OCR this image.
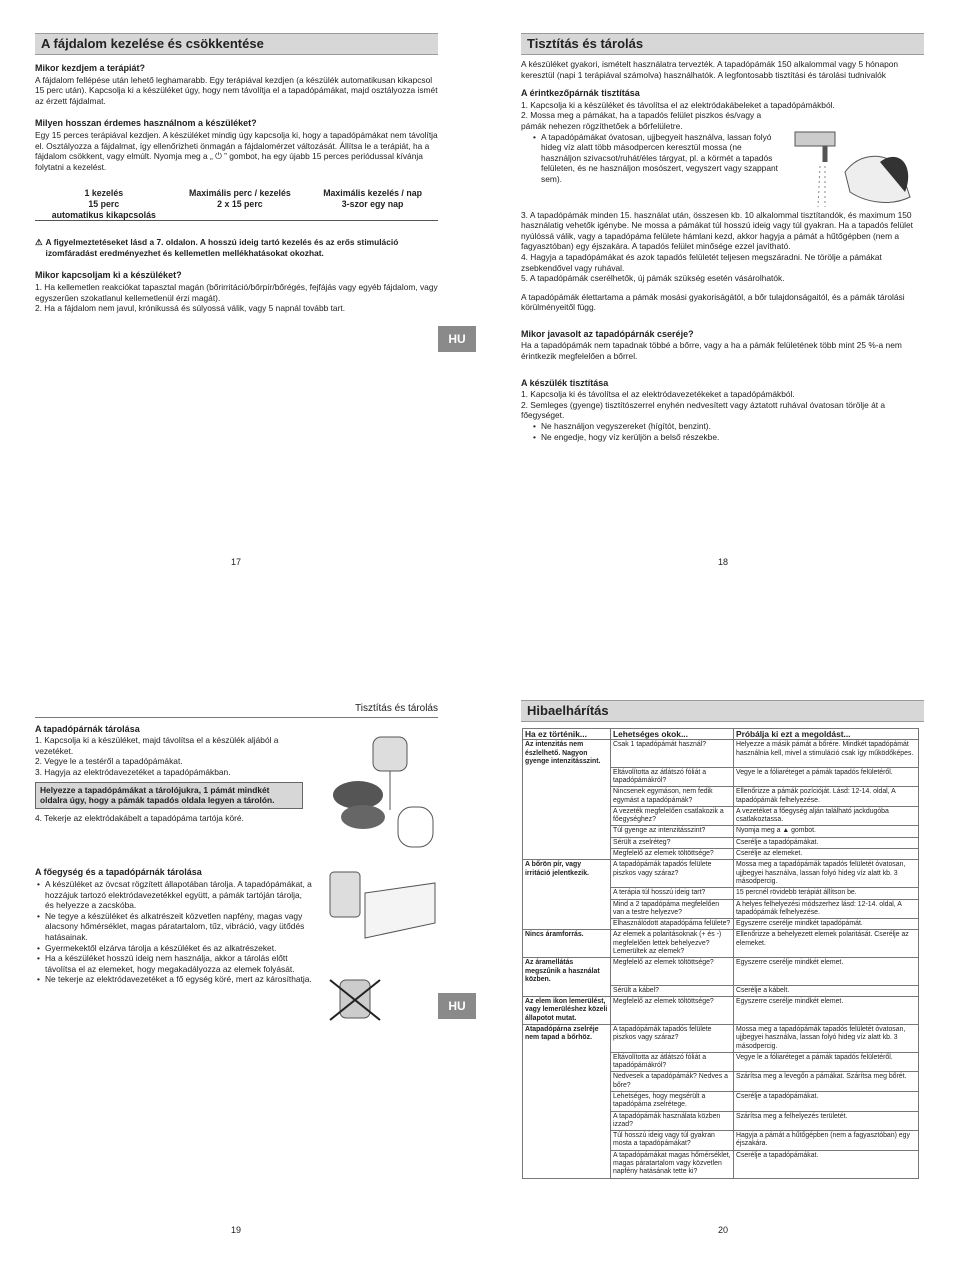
A fájdalom kezelése és csökkentése
Mikor kezdjem a terápiát?

A fájdalom fellépése után lehető leghamarabb. Egy terápiával kezdjen (a készülék automatikusan kikapcsol 15 perc után). Kapcsolja ki a készüléket úgy, hogy nem távolítja el a tapadópámákat, majd osztályozza ismét az érzett fájdalmat.

Milyen hosszan érdemes használnom a készüléket?

Egy 15 perces terápiával kezdjen. A készüléket mindig úgy kapcsolja ki, hogy a tapadópámákat nem távolítja el. Osztályozza a fájdalmat, így ellenőrizheti önmagán a fájdalomérzet változását. Állítsa le a terápiát, ha a fájdalom csökkent, vagy elmúlt. Nyomja meg a „ ⏻ ” gombot, ha egy újabb 15 perces periódussal kívánja folytatni a kezelést.

1 kezelés	Maximális perc / kezelés	Maximális kezelés / nap
15 perc	2 x 15 perc	3-szor egy nap
automatikus kikapcsolás		
⚠ A figyelmeztetéseket lásd a 7. oldalon. A hosszú ideig tartó kezelés és az erős stimuláció izomfáradást eredményezhet és kellemetlen mellékhatásokat okozhat.
Mikor kapcsoljam ki a készüléket?

1. Ha kellemetlen reakciókat tapasztal magán (bőrirritáció/bőrpír/bőrégés, fejfájás vagy egyéb fájdalom, vagy egyszerűen szokatlanul kellemetlenül érzi magát).

2. Ha a fájdalom nem javul, krónikussá és súlyossá válik, vagy 5 napnál tovább tart.

17
HU
Tisztítás és tárolás

A készüléket gyakori, ismételt használatra tervezték. A tapadópámák 150 alkalommal vagy 5 hónapon keresztül (napi 1 terápiával számolva) használhatók. A legfontosabb tisztítási és tárolási tudnivalók

A érintkezőpárnák tisztítása

1. Kapcsolja ki a készüléket és távolítsa el az elektródakábeleket a tapadópámákból.

2. Mossa meg a pámákat, ha a tapadós felület piszkos és/vagy a pámák nehezen rögzíthetőek a bőrfelületre.

• A tapadópámákat óvatosan, ujjbegyeit használva, lassan folyó hideg víz alatt több másodpercen keresztül mossa (ne használjon szivacsot/ruhát/éles tárgyat, pl. a körmét a tapadós felületen, és ne használjon mosószert, vegyszert vagy szappant sem).

3. A tapadópámák minden 15. használat után, összesen kb. 10 alkalommal tisztítandók, és maximum 150 használatig vehetők igénybe. Ne mossa a pámákat túl hosszú ideig vagy túl gyakran. Ha a tapadós felület nyúlóssá válik, vagy a tapadópáma felülete hámlani kezd, akkor hagyja a pámát a hűtőgépben (nem a fagyasztóban) egy éjszakára. A tapadós felület minősége ezzel javítható.

4. Hagyja a tapadópámákat és azok tapadós felületét teljesen megszáradni. Ne törölje a pámákat zsebkendővel vagy ruhával.

5. A tapadópámák cserélhetők, új pámák szükség esetén vásárolhatók.

A tapadópámák élettartama a pámák mosási gyakoriságától, a bőr tulajdonságaitól, és a pámák tárolási körülményeitől függ.

Mikor javasolt az tapadópárnák cseréje?

Ha a tapadópámák nem tapadnak többé a bőrre, vagy a ha a pámák felületének több mint 25 %-a nem érintkezik megfelelően a bőrrel.

A készülék tisztítása

1. Kapcsolja ki és távolítsa el az elektródavezetékeket a tapadópámákból.

2. Semleges (gyenge) tisztítószerrel enyhén nedvesített vagy áztatott ruhával óvatosan törölje át a főegységet.

• Ne használjon vegyszereket (hígítót, benzint).
• Ne engedje, hogy víz kerüljön a belső részekbe.
18
Tisztítás és tárolás
A tapadópárnák tárolása

1. Kapcsolja ki a készüléket, majd távolítsa el a készülék aljából a vezetéket.

2. Vegye le a testéről a tapadópámákat.

3. Hagyja az elektródavezetéket a tapadópámákban.

Helyezze a tapadópámákat a tárolójukra, 1 pámát mindkét oldalra úgy, hogy a pámák tapadós oldala legyen a tárolón.

4. Tekerje az elektródakábelt a tapadópáma tartója köré.

A főegység és a tapadópárnák tárolása
• A készüléket az övcsat rögzített állapotában tárolja. A tapadópámákat, a hozzájuk tartozó elektródavezetékkel együtt, a pámák tartóján tárolja, és helyezze a zacskóba.
• Ne tegye a készüléket és alkatrészeit közvetlen napfény, magas vagy alacsony hőmérséklet, magas páratartalom, tűz, vibráció, vagy ütődés hatásainak.
• Gyermekektől elzárva tárolja a készüléket és az alkatrészeket.
• Ha a készüléket hosszú ideig nem használja, akkor a tárolás előtt távolítsa el az elemeket, hogy megakadályozza az elemek folyását.
• Ne tekerje az elektródavezetéket a fő egység köré, mert az károsíthatja.
19
HU
Hibaelhárítás
Ha ez történik...	Lehetséges okok...	Próbálja ki ezt a megoldást...
Az intenzitás nem észlelhető. Nagyon gyenge intenzitásszint.	Csak 1 tapadópámát használ?	Helyezze a másik pámát a bőrére. Mindkét tapadópámát használnia kell, mivel a stimuláció csak így működőképes.
	Eltávolította az átlátszó fóliát a tapadópámákról?	Vegye le a fóliaréteget a pámák tapadós felületéről.
	Nincsenek egymáson, nem fedik egymást a tapadópámák?	Ellenőrizze a pámák pozícióját. Lásd: 12-14. oldal, A tapadópámák felhelyezése.
	A vezeték megfelelően csatlakozik a főegységhez?	A vezetéket a főegység alján található jackdugóba csatlakoztassa.
	Túl gyenge az intenzitásszint?	Nyomja meg a ▲ gombot.
	Sérült a zselréteg?	Cserélje a tapadópámákat.
	Megfelelő az elemek töltöttsége?	Cserélje az elemeket.
A bőrön pír, vagy irritáció jelentkezik.	A tapadópámák tapadós felülete piszkos vagy száraz?	Mossa meg a tapadópámák tapadós felületét óvatosan, ujjbegyei használva, lassan folyó hideg víz alatt kb. 3 másodpercig.
	A terápia túl hosszú ideig tart?	15 percnél rövidebb terápiát állítson be.
	Mind a 2 tapadópáma megfelelően van a testre helyezve?	A helyes felhelyezési módszerhez lásd: 12-14. oldal, A tapadópámák felhelyezése.
	Elhasználódott atapadópáma felülete?	Egyszerre cserélje mindkét tapadópámát.
Nincs áramforrás.	Az elemek a polaritásoknak (+ és -) megfelelően lettek behelyezve? Lemerültek az elemek?	Ellenőrizze a behelyezett elemek polaritását. Cserélje az elemeket.
Az áramellátás megszűnik a használat közben.	Megfelelő az elemek töltöttsége?	Egyszerre cserélje mindkét elemet.
	Sérült a kábel?	Cserélje a kábelt.
Az elem ikon lemerülést, vagy lemerüléshez közeli állapotot mutat.	Megfelelő az elemek töltöttsége?	Egyszerre cserélje mindkét elemet.
Atapadópárna zselréje nem tapad a bőrhöz.	A tapadópámák tapadós felülete piszkos vagy száraz?	Mossa meg a tapadópámák tapadós felületét óvatosan, ujjbegyei használva, lassan folyó hideg víz alatt kb. 3 másodpercig.
	Eltávolította az átlátszó fóliát a tapadópámákról?	Vegye le a fóliaréteget a pámák tapadós felületéről.
	Nedvesek a tapadópámák? Nedves a bőre?	Szárítsa meg a levegőn a pámákat. Szárítsa meg bőrét.
	Lehetséges, hogy megsérült a tapadópáma zselrétege.	Cserélje a tapadópámákat.
	A tapadópámák használata közben izzad?	Szárítsa meg a felhelyezés területét.
	Túl hosszú ideig vagy túl gyakran mosta a tapadópámákat?	Hagyja a pámát a hűtőgépben (nem a fagyasztóban) egy éjszakára.
	A tapadópámákat magas hőmérséklet, magas páratartalom vagy közvetlen napfény hatásának tette ki?	Cserélje a tapadópámákat.
20
